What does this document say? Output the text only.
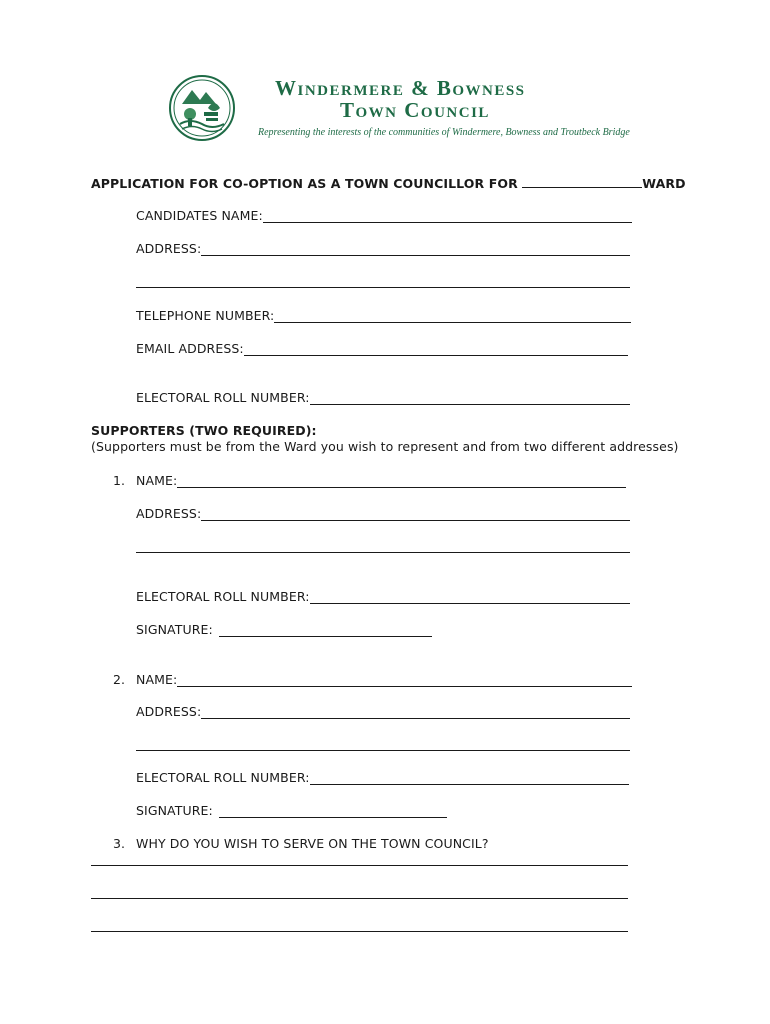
Windermere & Bowness
Town Council
Representing the interests of the communities of Windermere, Bowness and Troutbeck Bridge
APPLICATION FOR CO-OPTION AS A TOWN COUNCILLOR FOR	WARD
CANDIDATES NAME:
ADDRESS:
TELEPHONE NUMBER:
EMAIL ADDRESS:
ELECTORAL ROLL NUMBER:
SUPPORTERS (TWO REQUIRED):
(Supporters must be from the Ward you wish to represent and from two different addresses)
1. NAME:
ADDRESS:
ELECTORAL ROLL NUMBER:
SIGNATURE:
2. NAME:
ADDRESS:
ELECTORAL ROLL NUMBER:
SIGNATURE:
3. WHY DO YOU WISH TO SERVE ON THE TOWN COUNCIL?
